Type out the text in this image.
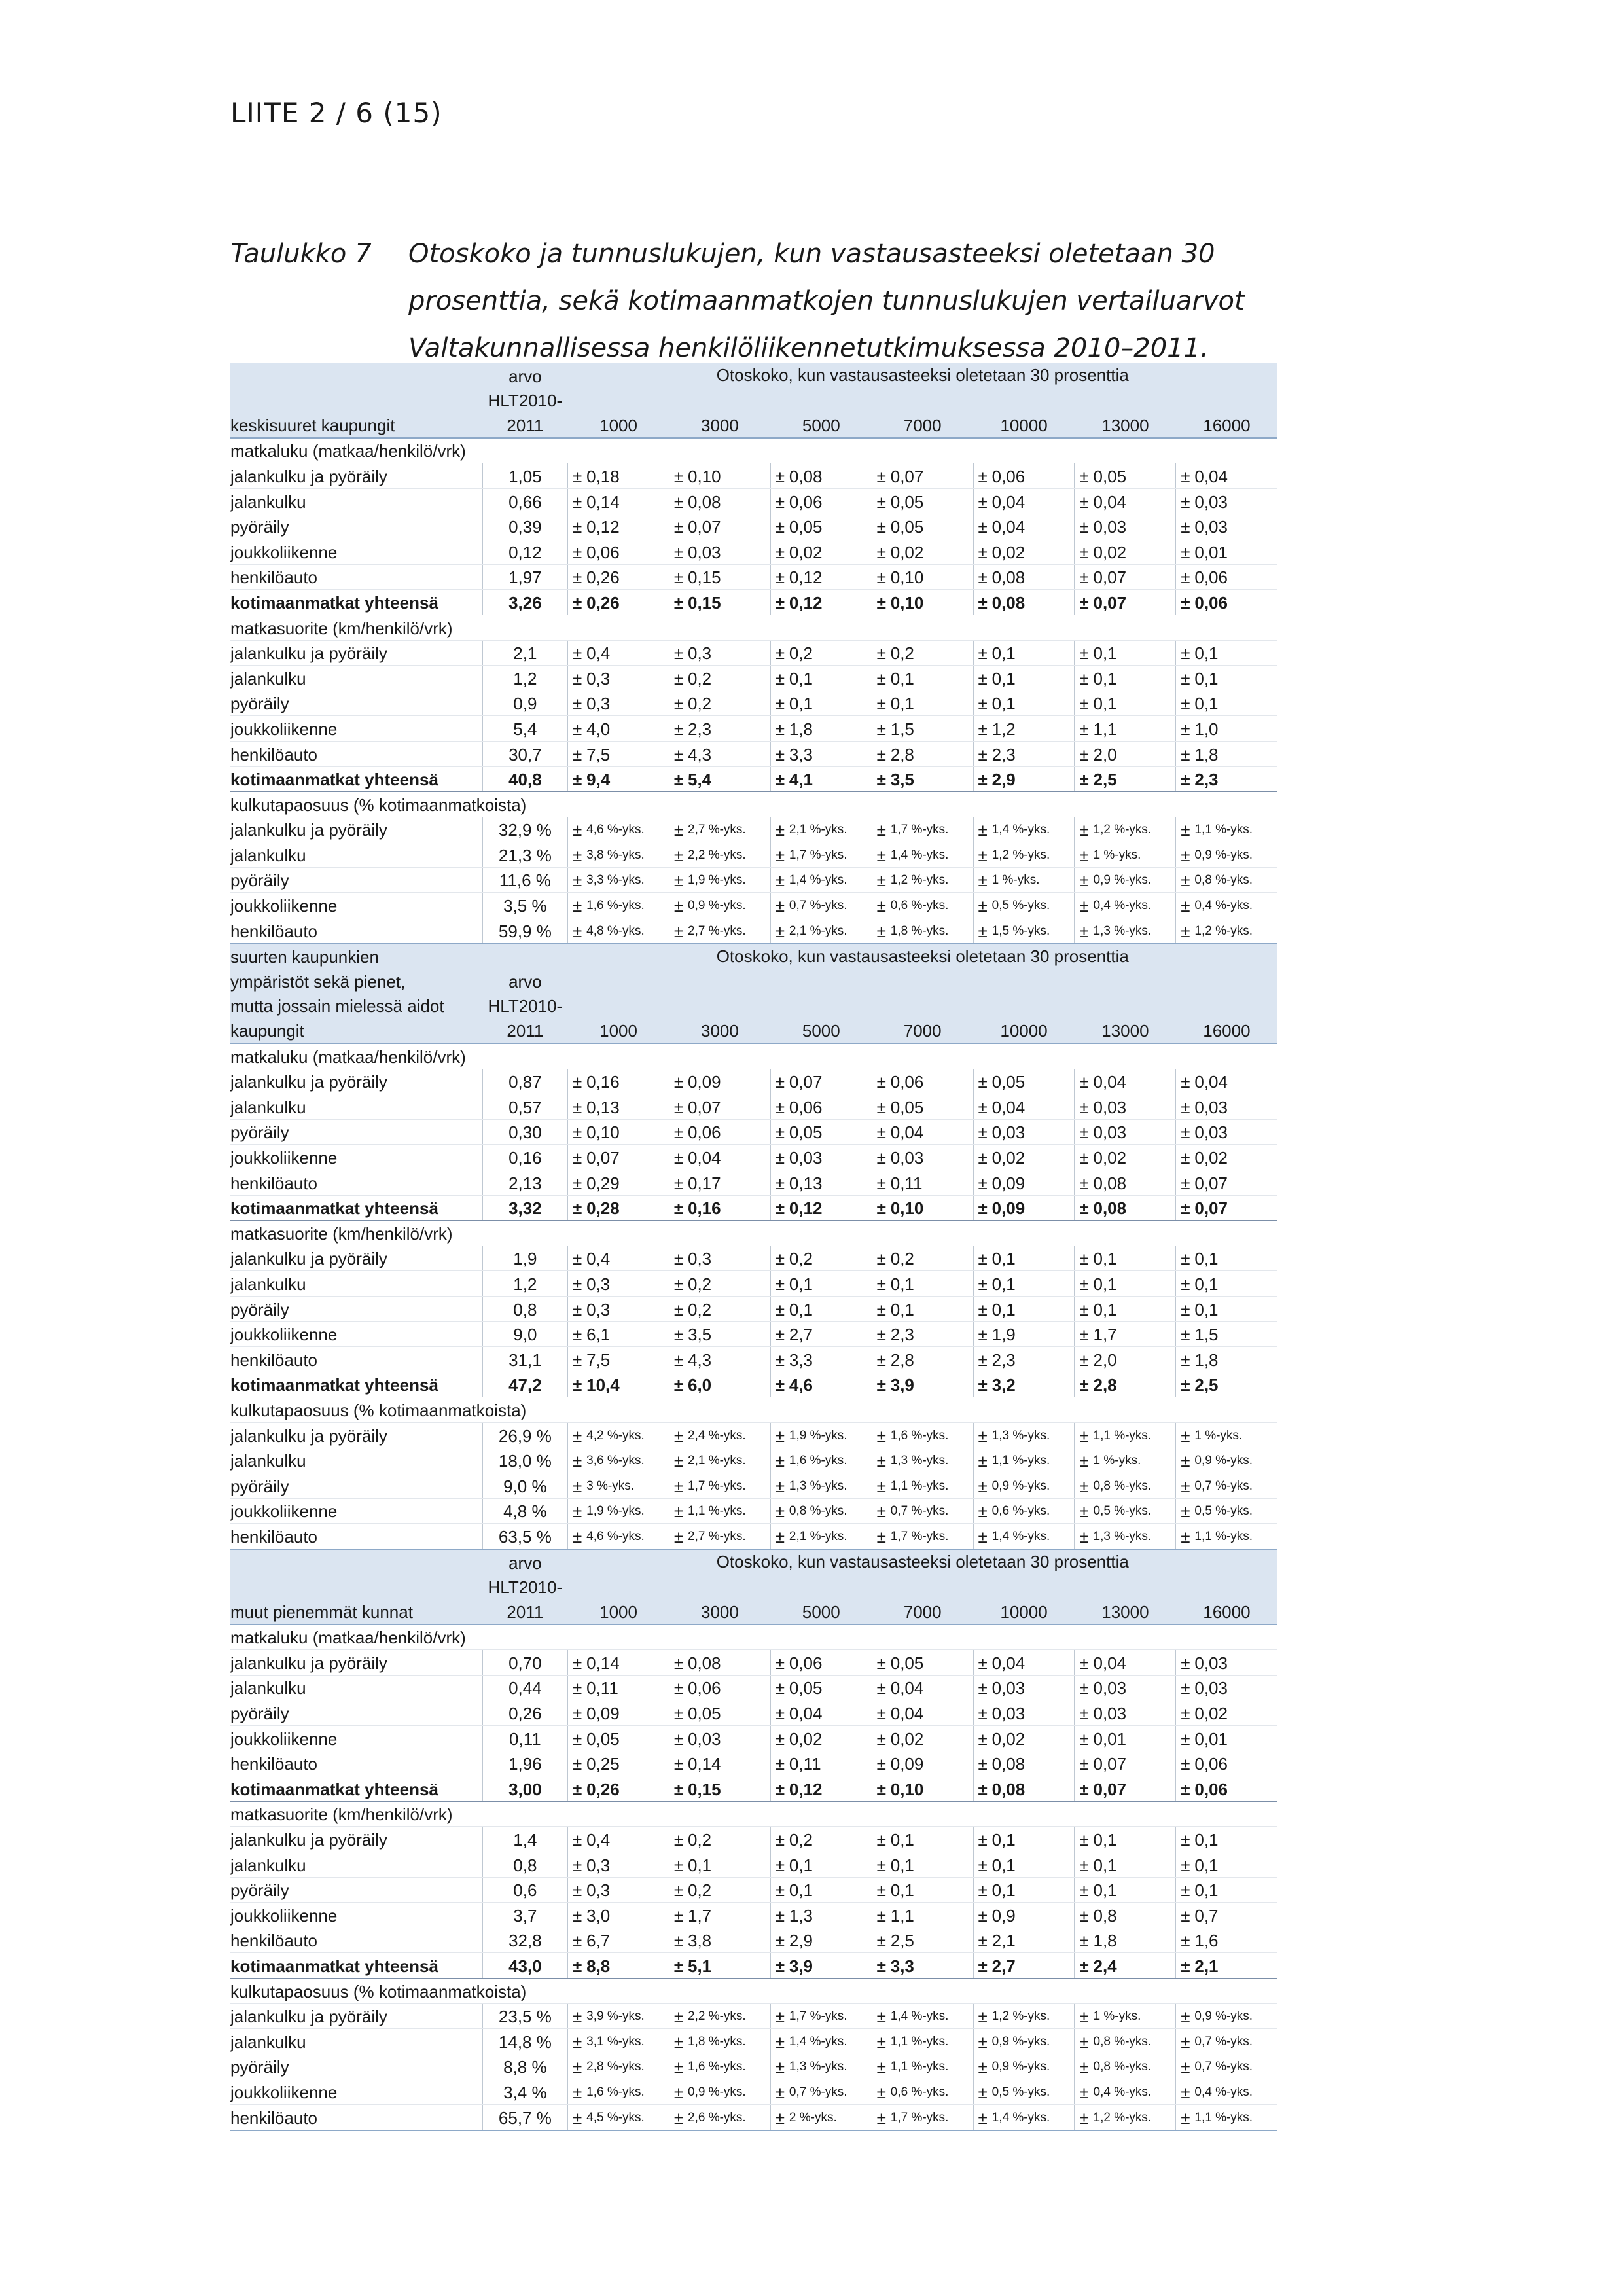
LIITE 2 / 6 (15)
Taulukko 7	Otoskoko ja tunnuslukujen, kun vastausasteeksi oletetaan 30 prosenttia, sekä kotimaanmatkojen tunnuslukujen vertailuarvot Valtakunnallisessa henkilöliikennetutkimuksessa 2010–2011.
	arvo	Otoskoko, kun vastausasteeksi oletetaan 30 prosenttia													
	HLT2010-														
keskisuuret kaupungit	2011	1000		3000		5000		7000		10000		13000		16000	
matkaluku (matkaa/henkilö/vrk)															
jalankulku ja pyöräily	1,05	±	0,18	±	0,10	±	0,08	±	0,07	±	0,06	±	0,05	±	0,04
jalankulku	0,66	±	0,14	±	0,08	±	0,06	±	0,05	±	0,04	±	0,04	±	0,03
pyöräily	0,39	±	0,12	±	0,07	±	0,05	±	0,05	±	0,04	±	0,03	±	0,03
joukkoliikenne	0,12	±	0,06	±	0,03	±	0,02	±	0,02	±	0,02	±	0,02	±	0,01
henkilöauto	1,97	±	0,26	±	0,15	±	0,12	±	0,10	±	0,08	±	0,07	±	0,06
kotimaanmatkat yhteensä	3,26	±	0,26	±	0,15	±	0,12	±	0,10	±	0,08	±	0,07	±	0,06
matkasuorite (km/henkilö/vrk)															
jalankulku ja pyöräily	2,1	±	0,4	±	0,3	±	0,2	±	0,2	±	0,1	±	0,1	±	0,1
jalankulku	1,2	±	0,3	±	0,2	±	0,1	±	0,1	±	0,1	±	0,1	±	0,1
pyöräily	0,9	±	0,3	±	0,2	±	0,1	±	0,1	±	0,1	±	0,1	±	0,1
joukkoliikenne	5,4	±	4,0	±	2,3	±	1,8	±	1,5	±	1,2	±	1,1	±	1,0
henkilöauto	30,7	±	7,5	±	4,3	±	3,3	±	2,8	±	2,3	±	2,0	±	1,8
kotimaanmatkat yhteensä	40,8	±	9,4	±	5,4	±	4,1	±	3,5	±	2,9	±	2,5	±	2,3
kulkutapaosuus (% kotimaanmatkoista)															
jalankulku ja pyöräily	32,9 %	±	4,6 %-yks.	±	2,7 %-yks.	±	2,1 %-yks.	±	1,7 %-yks.	±	1,4 %-yks.	±	1,2 %-yks.	±	1,1 %-yks.
jalankulku	21,3 %	±	3,8 %-yks.	±	2,2 %-yks.	±	1,7 %-yks.	±	1,4 %-yks.	±	1,2 %-yks.	±	1 %-yks.	±	0,9 %-yks.
pyöräily	11,6 %	±	3,3 %-yks.	±	1,9 %-yks.	±	1,4 %-yks.	±	1,2 %-yks.	±	1 %-yks.	±	0,9 %-yks.	±	0,8 %-yks.
joukkoliikenne	3,5 %	±	1,6 %-yks.	±	0,9 %-yks.	±	0,7 %-yks.	±	0,6 %-yks.	±	0,5 %-yks.	±	0,4 %-yks.	±	0,4 %-yks.
henkilöauto	59,9 %	±	4,8 %-yks.	±	2,7 %-yks.	±	2,1 %-yks.	±	1,8 %-yks.	±	1,5 %-yks.	±	1,3 %-yks.	±	1,2 %-yks.
suurten kaupunkien		Otoskoko, kun vastausasteeksi oletetaan 30 prosenttia													
ympäristöt sekä pienet,	arvo														
mutta jossain mielessä aidot	HLT2010-														
kaupungit	2011	1000		3000		5000		7000		10000		13000		16000	
matkaluku (matkaa/henkilö/vrk)															
jalankulku ja pyöräily	0,87	±	0,16	±	0,09	±	0,07	±	0,06	±	0,05	±	0,04	±	0,04
jalankulku	0,57	±	0,13	±	0,07	±	0,06	±	0,05	±	0,04	±	0,03	±	0,03
pyöräily	0,30	±	0,10	±	0,06	±	0,05	±	0,04	±	0,03	±	0,03	±	0,03
joukkoliikenne	0,16	±	0,07	±	0,04	±	0,03	±	0,03	±	0,02	±	0,02	±	0,02
henkilöauto	2,13	±	0,29	±	0,17	±	0,13	±	0,11	±	0,09	±	0,08	±	0,07
kotimaanmatkat yhteensä	3,32	±	0,28	±	0,16	±	0,12	±	0,10	±	0,09	±	0,08	±	0,07
matkasuorite (km/henkilö/vrk)															
jalankulku ja pyöräily	1,9	±	0,4	±	0,3	±	0,2	±	0,2	±	0,1	±	0,1	±	0,1
jalankulku	1,2	±	0,3	±	0,2	±	0,1	±	0,1	±	0,1	±	0,1	±	0,1
pyöräily	0,8	±	0,3	±	0,2	±	0,1	±	0,1	±	0,1	±	0,1	±	0,1
joukkoliikenne	9,0	±	6,1	±	3,5	±	2,7	±	2,3	±	1,9	±	1,7	±	1,5
henkilöauto	31,1	±	7,5	±	4,3	±	3,3	±	2,8	±	2,3	±	2,0	±	1,8
kotimaanmatkat yhteensä	47,2	±	10,4	±	6,0	±	4,6	±	3,9	±	3,2	±	2,8	±	2,5
kulkutapaosuus (% kotimaanmatkoista)															
jalankulku ja pyöräily	26,9 %	±	4,2 %-yks.	±	2,4 %-yks.	±	1,9 %-yks.	±	1,6 %-yks.	±	1,3 %-yks.	±	1,1 %-yks.	±	1 %-yks.
jalankulku	18,0 %	±	3,6 %-yks.	±	2,1 %-yks.	±	1,6 %-yks.	±	1,3 %-yks.	±	1,1 %-yks.	±	1 %-yks.	±	0,9 %-yks.
pyöräily	9,0 %	±	3 %-yks.	±	1,7 %-yks.	±	1,3 %-yks.	±	1,1 %-yks.	±	0,9 %-yks.	±	0,8 %-yks.	±	0,7 %-yks.
joukkoliikenne	4,8 %	±	1,9 %-yks.	±	1,1 %-yks.	±	0,8 %-yks.	±	0,7 %-yks.	±	0,6 %-yks.	±	0,5 %-yks.	±	0,5 %-yks.
henkilöauto	63,5 %	±	4,6 %-yks.	±	2,7 %-yks.	±	2,1 %-yks.	±	1,7 %-yks.	±	1,4 %-yks.	±	1,3 %-yks.	±	1,1 %-yks.
	arvo	Otoskoko, kun vastausasteeksi oletetaan 30 prosenttia													
	HLT2010-														
muut pienemmät kunnat	2011	1000		3000		5000		7000		10000		13000		16000	
matkaluku (matkaa/henkilö/vrk)															
jalankulku ja pyöräily	0,70	±	0,14	±	0,08	±	0,06	±	0,05	±	0,04	±	0,04	±	0,03
jalankulku	0,44	±	0,11	±	0,06	±	0,05	±	0,04	±	0,03	±	0,03	±	0,03
pyöräily	0,26	±	0,09	±	0,05	±	0,04	±	0,04	±	0,03	±	0,03	±	0,02
joukkoliikenne	0,11	±	0,05	±	0,03	±	0,02	±	0,02	±	0,02	±	0,01	±	0,01
henkilöauto	1,96	±	0,25	±	0,14	±	0,11	±	0,09	±	0,08	±	0,07	±	0,06
kotimaanmatkat yhteensä	3,00	±	0,26	±	0,15	±	0,12	±	0,10	±	0,08	±	0,07	±	0,06
matkasuorite (km/henkilö/vrk)															
jalankulku ja pyöräily	1,4	±	0,4	±	0,2	±	0,2	±	0,1	±	0,1	±	0,1	±	0,1
jalankulku	0,8	±	0,3	±	0,1	±	0,1	±	0,1	±	0,1	±	0,1	±	0,1
pyöräily	0,6	±	0,3	±	0,2	±	0,1	±	0,1	±	0,1	±	0,1	±	0,1
joukkoliikenne	3,7	±	3,0	±	1,7	±	1,3	±	1,1	±	0,9	±	0,8	±	0,7
henkilöauto	32,8	±	6,7	±	3,8	±	2,9	±	2,5	±	2,1	±	1,8	±	1,6
kotimaanmatkat yhteensä	43,0	±	8,8	±	5,1	±	3,9	±	3,3	±	2,7	±	2,4	±	2,1
kulkutapaosuus (% kotimaanmatkoista)															
jalankulku ja pyöräily	23,5 %	±	3,9 %-yks.	±	2,2 %-yks.	±	1,7 %-yks.	±	1,4 %-yks.	±	1,2 %-yks.	±	1 %-yks.	±	0,9 %-yks.
jalankulku	14,8 %	±	3,1 %-yks.	±	1,8 %-yks.	±	1,4 %-yks.	±	1,1 %-yks.	±	0,9 %-yks.	±	0,8 %-yks.	±	0,7 %-yks.
pyöräily	8,8 %	±	2,8 %-yks.	±	1,6 %-yks.	±	1,3 %-yks.	±	1,1 %-yks.	±	0,9 %-yks.	±	0,8 %-yks.	±	0,7 %-yks.
joukkoliikenne	3,4 %	±	1,6 %-yks.	±	0,9 %-yks.	±	0,7 %-yks.	±	0,6 %-yks.	±	0,5 %-yks.	±	0,4 %-yks.	±	0,4 %-yks.
henkilöauto	65,7 %	±	4,5 %-yks.	±	2,6 %-yks.	±	2 %-yks.	±	1,7 %-yks.	±	1,4 %-yks.	±	1,2 %-yks.	±	1,1 %-yks.
